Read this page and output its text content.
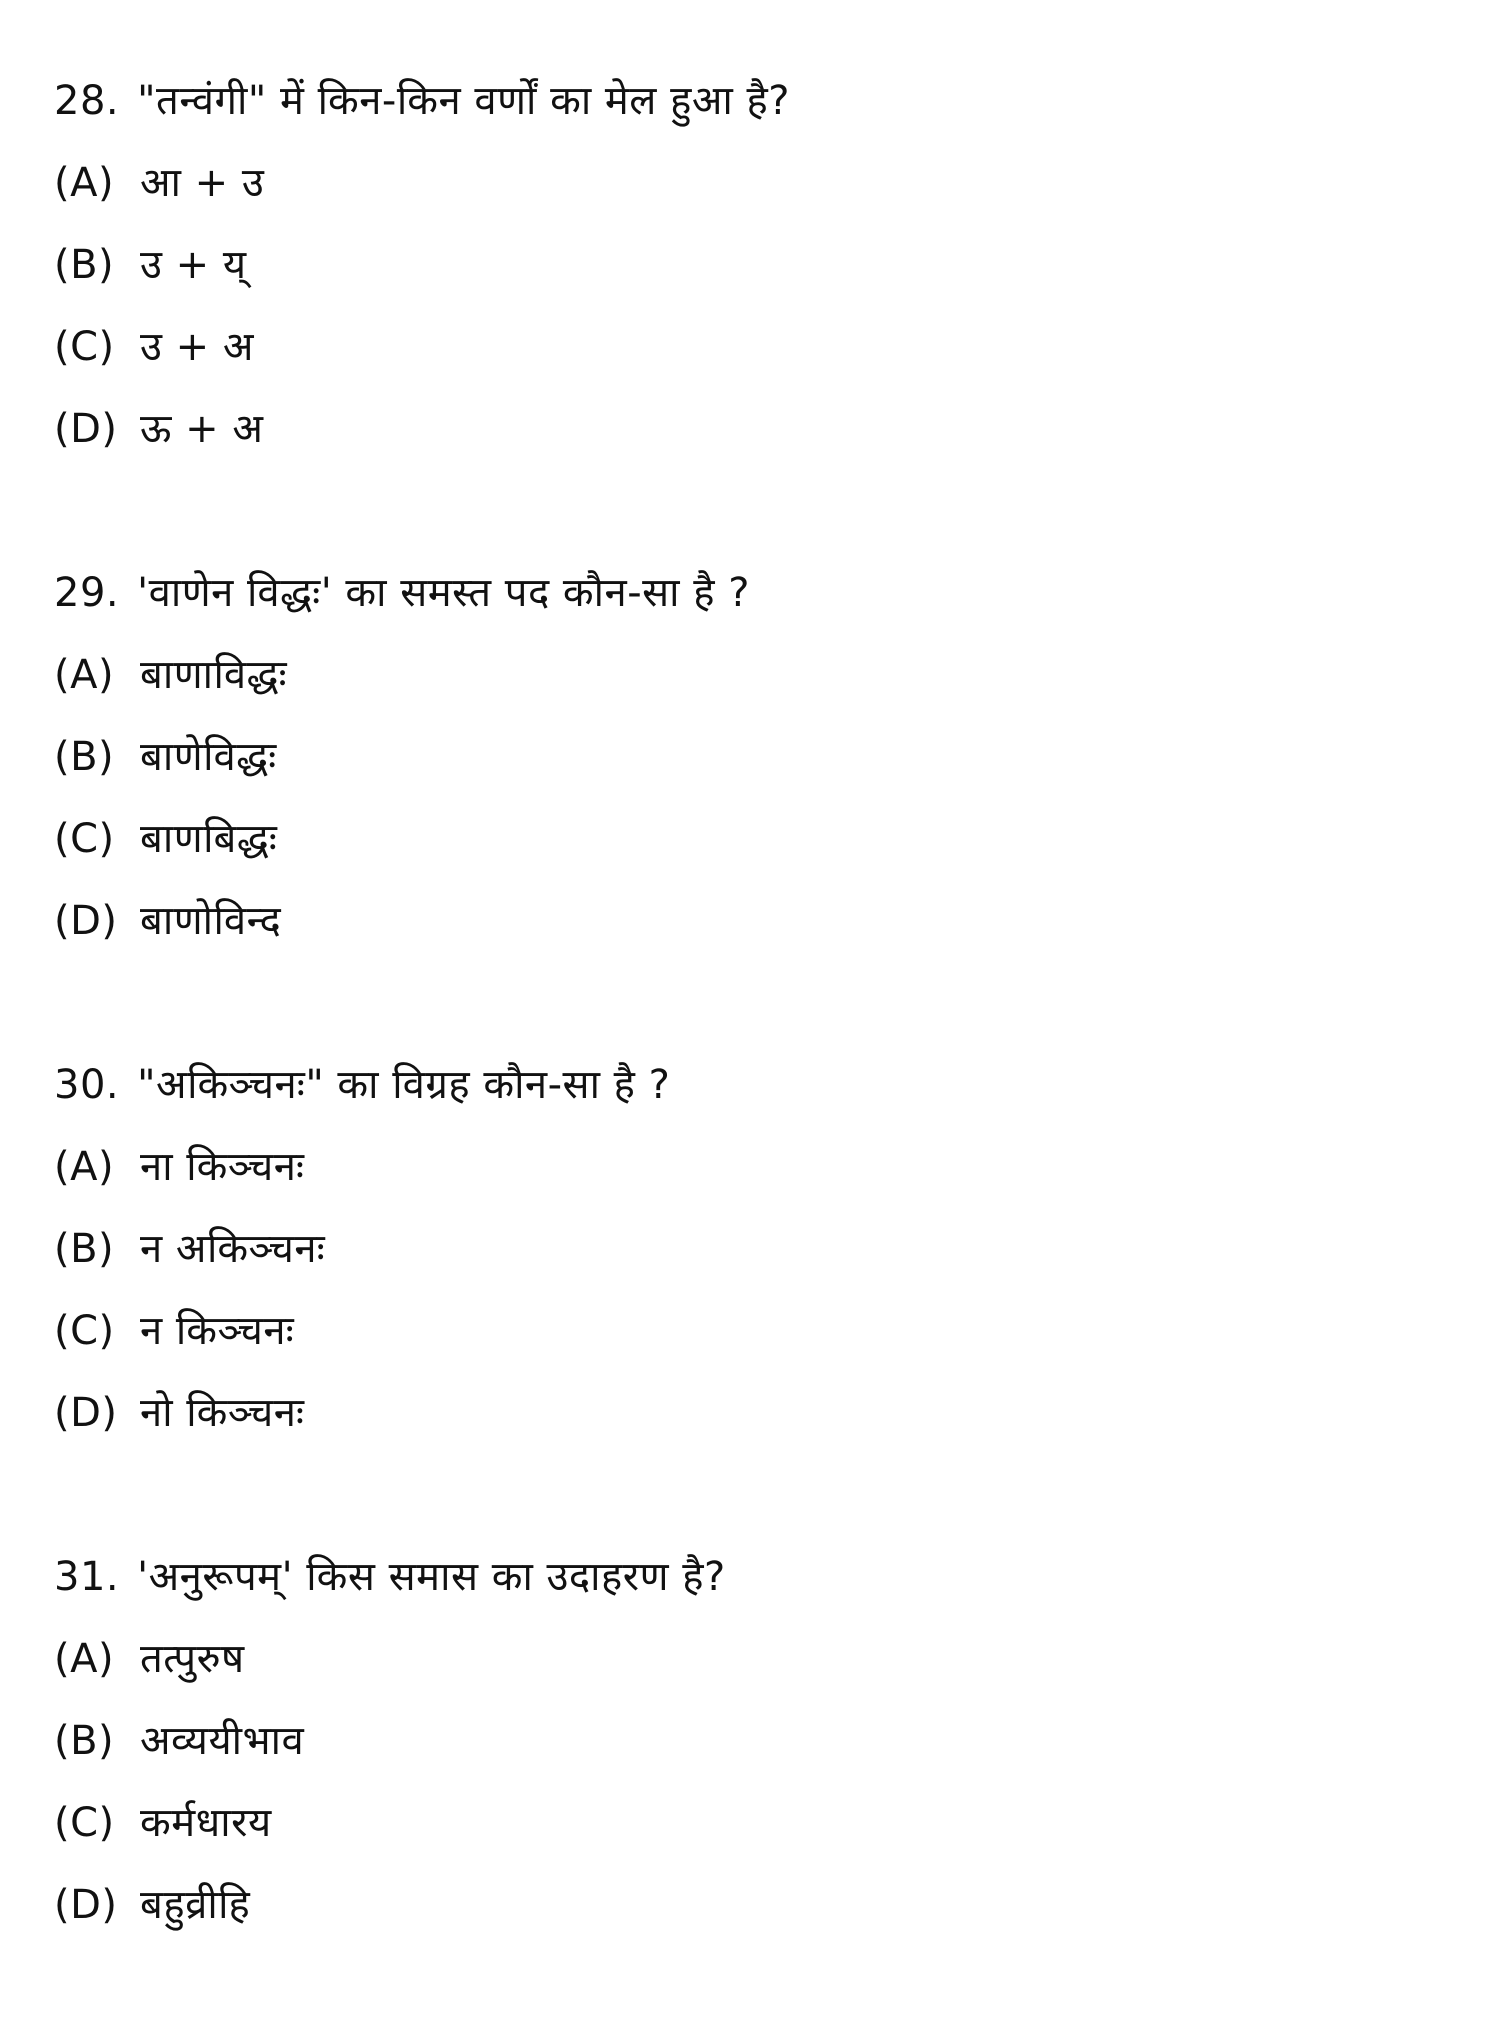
28. "तन्वंगी" में किन-किन वर्णों का मेल हुआ है?
(A) आ + उ
(B) उ + य्
(C) उ + अ
(D) ऊ + अ
29. 'वाणेन विद्धः' का समस्त पद कौन-सा है ?
(A) बाणाविद्धः
(B) बाणेविद्धः
(C) बाणबिद्धः
(D) बाणोविन्द
30. "अकिञ्चनः" का विग्रह कौन-सा है ?
(A) ना किञ्चनः
(B) न अकिञ्चनः
(C) न किञ्चनः
(D) नो किञ्चनः
31. 'अनुरूपम्' किस समास का उदाहरण है?
(A) तत्पुरुष
(B) अव्ययीभाव
(C) कर्मधारय
(D) बहुव्रीहि
